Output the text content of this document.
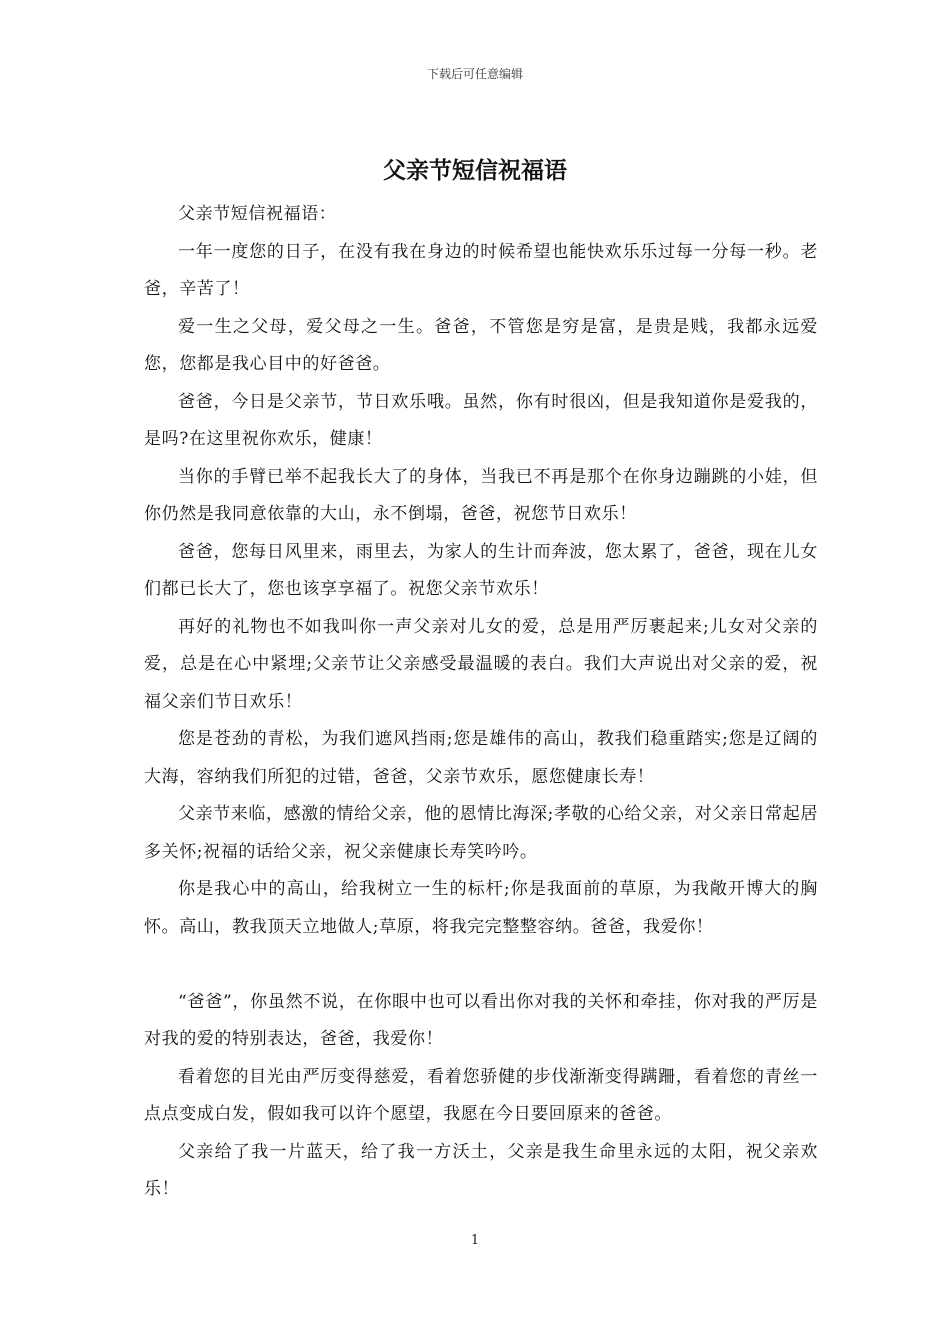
下载后可任意编辑
父亲节短信祝福语

父亲节短信祝福语：

一年一度您的日子，在没有我在身边的时候希望也能快欢乐乐过每一分每一秒。老爸，辛苦了！

爱一生之父母，爱父母之一生。爸爸，不管您是穷是富，是贵是贱，我都永远爱您，您都是我心目中的好爸爸。

爸爸，今日是父亲节，节日欢乐哦。虽然，你有时很凶，但是我知道你是爱我的，是吗?在这里祝你欢乐，健康！

当你的手臂已举不起我长大了的身体，当我已不再是那个在你身边蹦跳的小娃，但你仍然是我同意依靠的大山，永不倒塌，爸爸，祝您节日欢乐！

爸爸，您每日风里来，雨里去，为家人的生计而奔波，您太累了，爸爸，现在儿女们都已长大了，您也该享享福了。祝您父亲节欢乐！

再好的礼物也不如我叫你一声父亲对儿女的爱，总是用严厉裹起来;儿女对父亲的爱，总是在心中紧埋;父亲节让父亲感受最温暖的表白。我们大声说出对父亲的爱，祝福父亲们节日欢乐！

您是苍劲的青松，为我们遮风挡雨;您是雄伟的高山，教我们稳重踏实;您是辽阔的大海，容纳我们所犯的过错，爸爸，父亲节欢乐，愿您健康长寿！

父亲节来临，感激的情给父亲，他的恩情比海深;孝敬的心给父亲，对父亲日常起居多关怀;祝福的话给父亲，祝父亲健康长寿笑吟吟。

你是我心中的高山，给我树立一生的标杆;你是我面前的草原，为我敞开博大的胸怀。高山，教我顶天立地做人;草原，将我完完整整容纳。爸爸，我爱你！

“爸爸”，你虽然不说，在你眼中也可以看出你对我的关怀和牵挂，你对我的严厉是对我的爱的特别表达，爸爸，我爱你！

看着您的目光由严厉变得慈爱，看着您骄健的步伐渐渐变得蹒跚，看着您的青丝一点点变成白发，假如我可以许个愿望，我愿在今日要回原来的爸爸。

父亲给了我一片蓝天，给了我一方沃土，父亲是我生命里永远的太阳，祝父亲欢乐！

1
